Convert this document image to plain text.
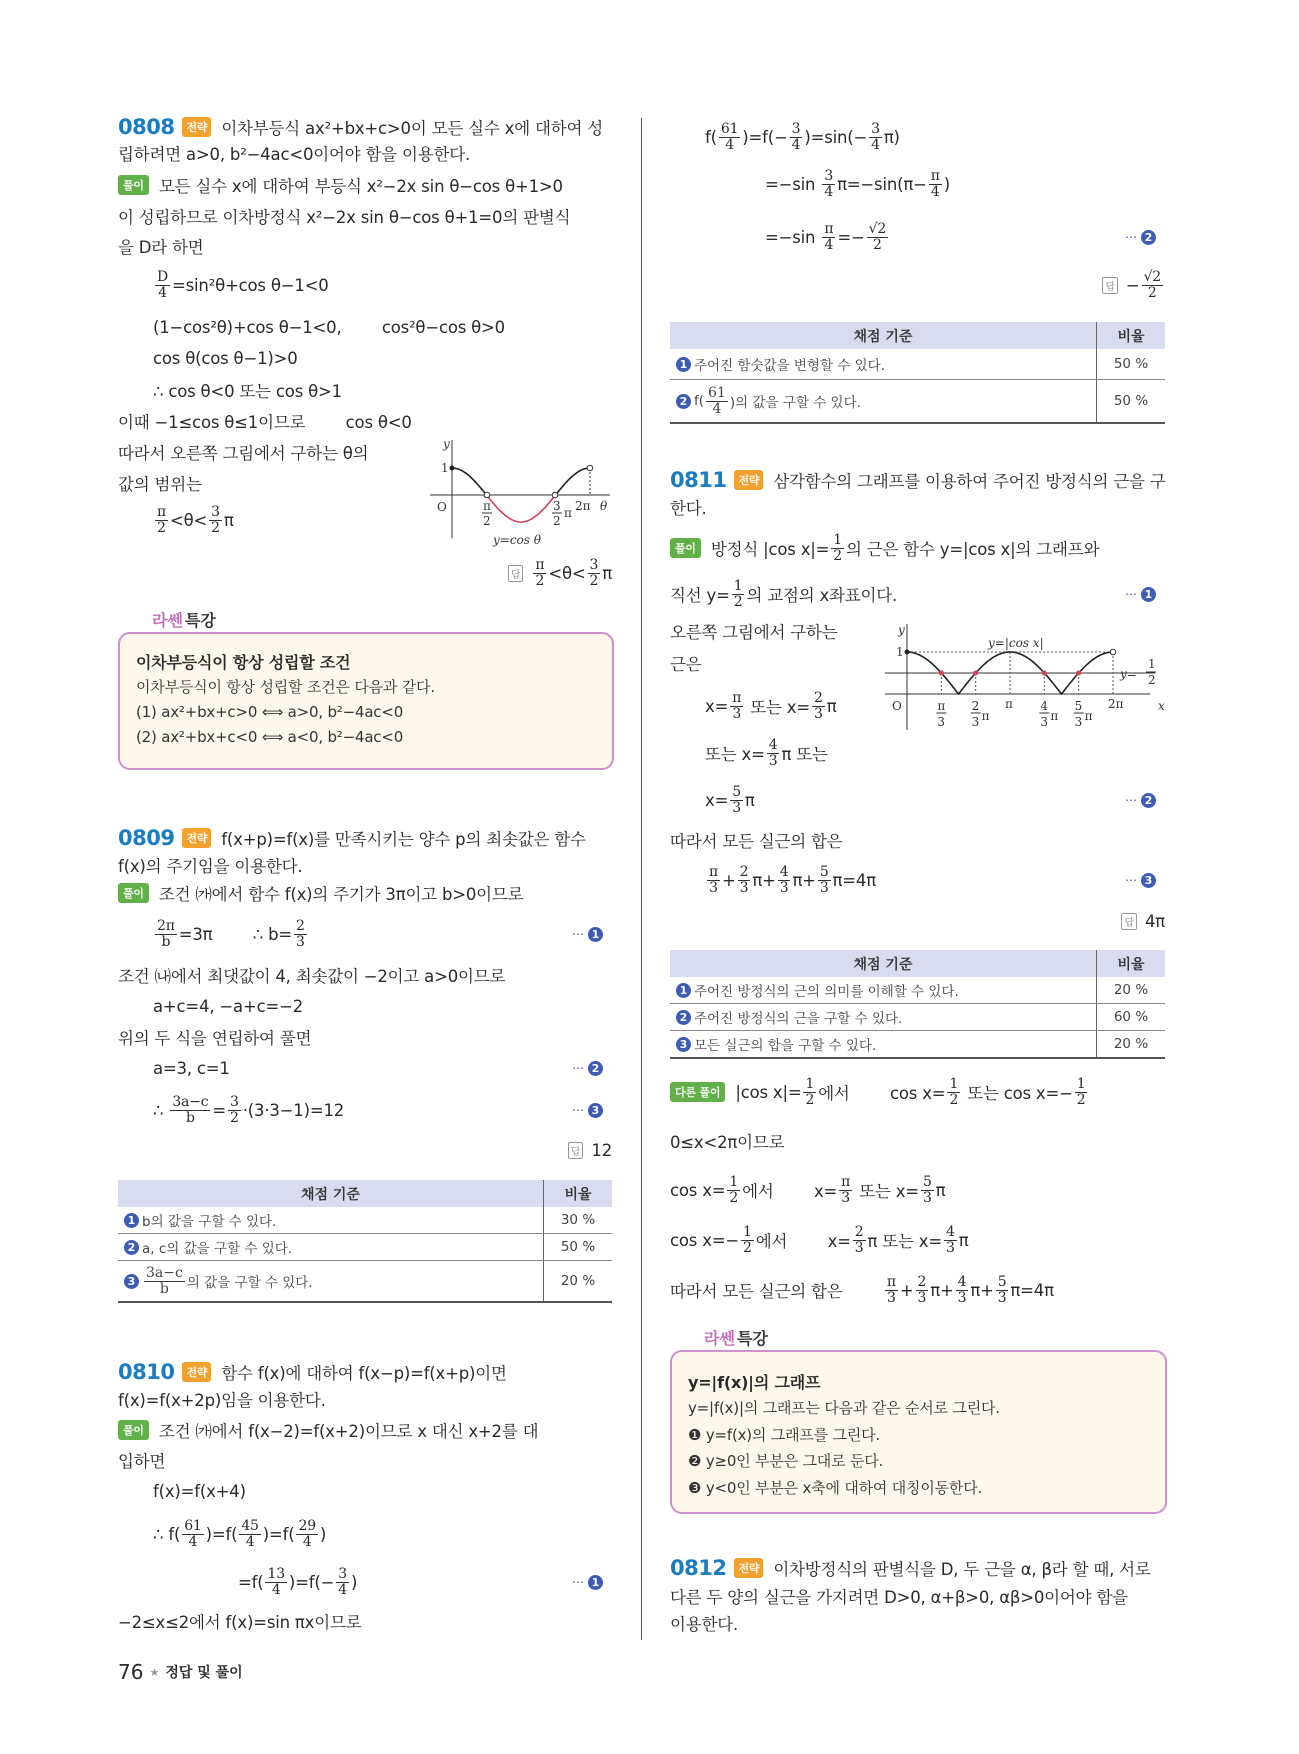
0808	전략 이차부등식 ax²+bx+c>0이 모든 실수 x에 대하여 성
립하려면 a>0, b²−4ac<0이어야 함을 이용한다.
풀이 모든 실수 x에 대하여 부등식 x²−2x sin θ−cos θ+1>0
이 성립하므로 이차방정식 x²−2x sin θ−cos θ+1=0의 판별식
을 D라 하면
$\frac{D}{4} =\sin^2\theta+\cos$ θ−1<0
(1−cos²θ)+cos θ−1<0,        cos²θ−cos θ>0
cos θ(cos θ−1)>0
∴ cos θ<0 또는 cos θ>1
이때 −1≤cos θ≤1이므로        cos θ<0
따라서 오른쪽 그림에서 구하는 θ의
값의 범위는
$\frac{\pi}{2} <\theta< \frac{3}{2}$ π
답 $\frac{\pi}{2} <\theta< \frac{3}{2}$ π
y
1
O	π
2
3
2
π 2π θ
y=cos θ
라쎈 특강
이차부등식이 항상 성립할 조건
이차부등식이 항상 성립할 조건은 다음과 같다.
(1) ax²+bx+c>0 ⟺ a>0, b²−4ac<0
(2) ax²+bx+c<0 ⟺ a<0, b²−4ac<0
0809	전략 f(x+p)=f(x)를 만족시키는 양수 p의 최솟값은 함수
f(x)의 주기임을 이용한다.
풀이 조건 ㈎에서 함수 f(x)의 주기가 3π이고 b>0이므로
$\frac{2\pi}{b} =3\pi$        ∴ $b= \frac{2}{3}$	⋯ 1
조건 ㈏에서 최댓값이 4, 최솟값이 −2이고 a>0이므로
a+c=4, −a+c=−2
위의 두 식을 연립하여 풀면
a=3, c=1	⋯ 2
∴ $\frac{3a-c}{b} = \frac{3}{2} \cdot(3\cdot 3-1)=12$	⋯ 3
답 12
채점 기준	비율

1 b의 값을 구할 수 있다.	30 %

2 a, c의 값을 구할 수 있다.	50 %

$3 \frac{3a-c}{b}$ 의 값을 구할 수 있다.	20 %
0810	전략 함수 f(x)에 대하여 f(x−p)=f(x+p)이면
f(x)=f(x+2p)임을 이용한다.
풀이 조건 ㈎에서 f(x−2)=f(x+2)이므로 x 대신 x+2를 대
입하면
f(x)=f(x+4)
∴ $f( \frac{61}{4} )=f( \frac{45}{4} )=f( \frac{29}{4}$ )
$=f( \frac{13}{4} )=f(- \frac{3}{4}$ )	⋯ 1
−2≤x≤2에서 f(x)=sin πx이므로
76 ★ 정답 및 풀이
$f( \frac{61}{4} )=f(- \frac{3}{4} )=\sin(- \frac{3}{4} \pi)$
$=-\sin \frac{3}{4} \pi=-\sin(\pi- \frac{\pi}{4}$ )
$=-\sin \frac{\pi}{4} =- \frac{√2}{2}$	⋯ 2
답 − $\frac{√2}{2}$
채점 기준	비율

1 주어진 함숫값을 변형할 수 있다.	50 %

2 $f( \frac{61}{4}$ )의 값을 구할 수 있다.	50 %
0811	전략 삼각함수의 그래프를 이용하여 주어진 방정식의 근을 구
한다.
풀이 방정식 |cos $x|= \frac{1}{2}$ 의 근은 함수 y=|cos x|의 그래프와
직선 $y= \frac{1}{2}$ 의 교점의 x좌표이다.	⋯ 1
오른쪽 그림에서 구하는
근은
$x= \frac{\pi}{3}$ 또는 $x= \frac{2}{3}$ π
또는 $x= \frac{4}{3}$ π 또는
$x= \frac{5}{3}$ π	⋯ 2
따라서 모든 실근의 합은
$\frac{\pi}{3} + \frac{2}{3} \pi+ \frac{4}{3} \pi+ \frac{5}{3} \pi=4\pi$	⋯ 3
답 4π
y
1
y=|cos x|
y=
1
2
O	π
3
2
3 π
π 4
3 π
5
3 π
2π	x
채점 기준	비율

1 주어진 방정식의 근의 의미를 이해할 수 있다.	20 %

2 주어진 방정식의 근을 구할 수 있다.	60 %

3 모든 실근의 합을 구할 수 있다.	20 %
다른 풀이 |cos $x|= \frac{1}{2}$ 에서        $\cos x= \frac{1}{2}$ 또는 $\cos x=- \frac{1}{2}$
0≤x<2π이므로
$\cos x= \frac{1}{2}$ 에서        $x= \frac{\pi}{3}$ 또는 $x= \frac{5}{3}$ π
$\cos x=- \frac{1}{2}$ 에서        $x= \frac{2}{3}$ π 또는 $x= \frac{4}{3}$ π
따라서 모든 실근의 합은 $\frac{\pi}{3} + \frac{2}{3} \pi+ \frac{4}{3} \pi+ \frac{5}{3} \pi=4\pi$
라쎈 특강
y=|f(x)|의 그래프
y=|f(x)|의 그래프는 다음과 같은 순서로 그린다.
❶ y=f(x)의 그래프를 그린다.
❷ y≥0인 부분은 그대로 둔다.
❸ y<0인 부분은 x축에 대하여 대칭이동한다.
0812	전략 이차방정식의 판별식을 D, 두 근을 α, β라 할 때, 서로
다른 두 양의 실근을 가지려면 D>0, α+β>0, αβ>0이어야 함을
이용한다.
